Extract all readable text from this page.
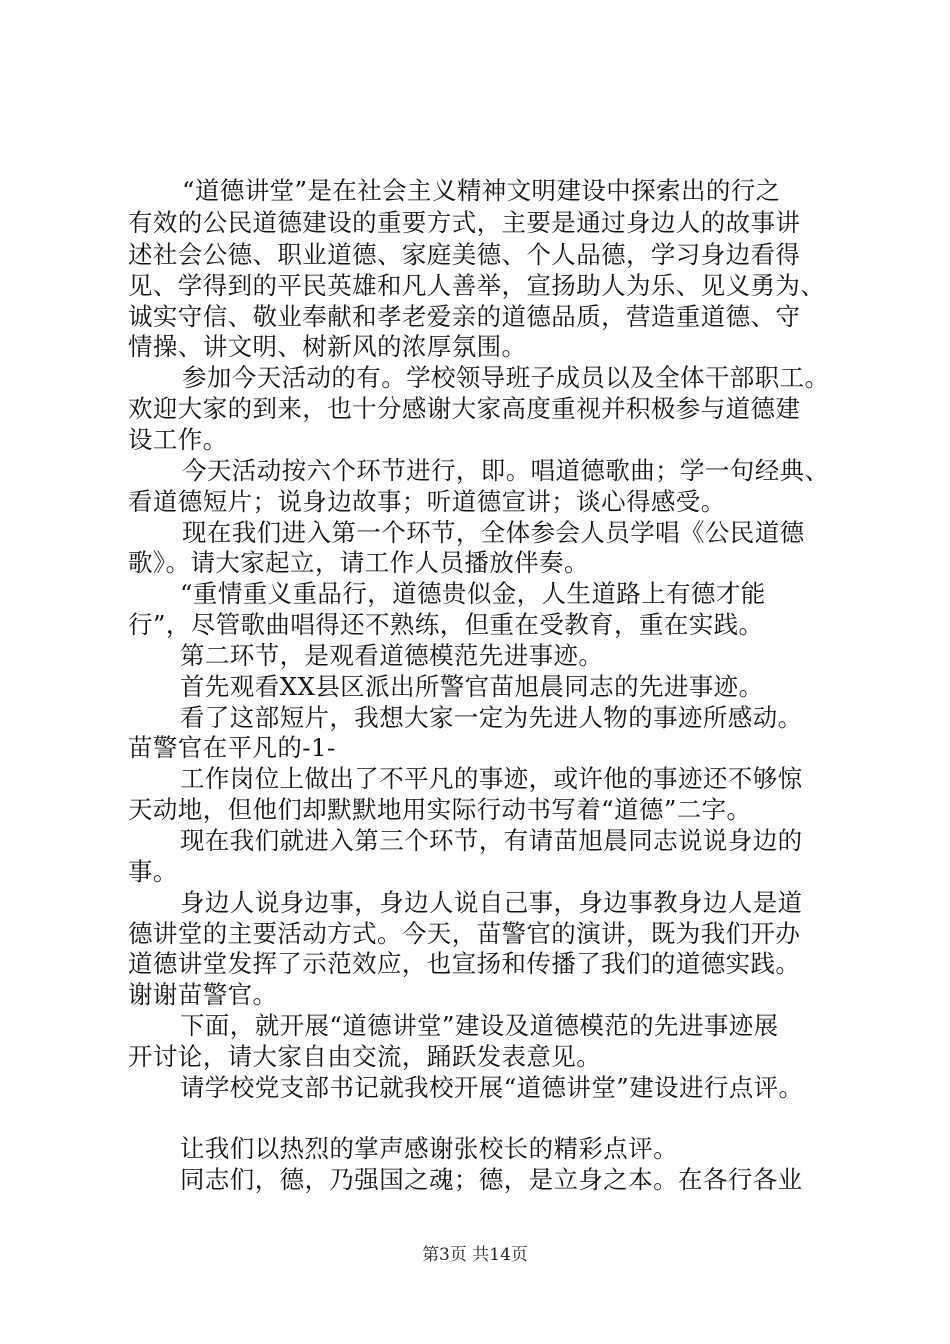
“道德讲堂”是在社会主义精神文明建设中探索出的行之
有效的公民道德建设的重要方式，主要是通过身边人的故事讲
述社会公德、职业道德、家庭美德、个人品德，学习身边看得
见、学得到的平民英雄和凡人善举，宣扬助人为乐、见义勇为、
诚实守信、敬业奉献和孝老爱亲的道德品质，营造重道德、守
情操、讲文明、树新风的浓厚氛围。
参加今天活动的有。学校领导班子成员以及全体干部职工。
欢迎大家的到来，也十分感谢大家高度重视并积极参与道德建
设工作。
今天活动按六个环节进行，即。唱道德歌曲；学一句经典、
看道德短片；说身边故事；听道德宣讲；谈心得感受。
现在我们进入第一个环节，全体参会人员学唱《公民道德
歌》。请大家起立，请工作人员播放伴奏。
“重情重义重品行，道德贵似金，人生道路上有德才能
行”，尽管歌曲唱得还不熟练，但重在受教育，重在实践。
第二环节，是观看道德模范先进事迹。
首先观看XX县区派出所警官苗旭晨同志的先进事迹。
看了这部短片，我想大家一定为先进人物的事迹所感动。
苗警官在平凡的-1-
工作岗位上做出了不平凡的事迹，或许他的事迹还不够惊
天动地，但他们却默默地用实际行动书写着“道德”二字。
现在我们就进入第三个环节，有请苗旭晨同志说说身边的
事。
身边人说身边事，身边人说自己事，身边事教身边人是道
德讲堂的主要活动方式。今天，苗警官的演讲，既为我们开办
道德讲堂发挥了示范效应，也宣扬和传播了我们的道德实践。
谢谢苗警官。
下面，就开展“道德讲堂”建设及道德模范的先进事迹展
开讨论，请大家自由交流，踊跃发表意见。
请学校党支部书记就我校开展“道德讲堂”建设进行点评。
让我们以热烈的掌声感谢张校长的精彩点评。
同志们，德，乃强国之魂；德，是立身之本。在各行各业
第3页 共14页
